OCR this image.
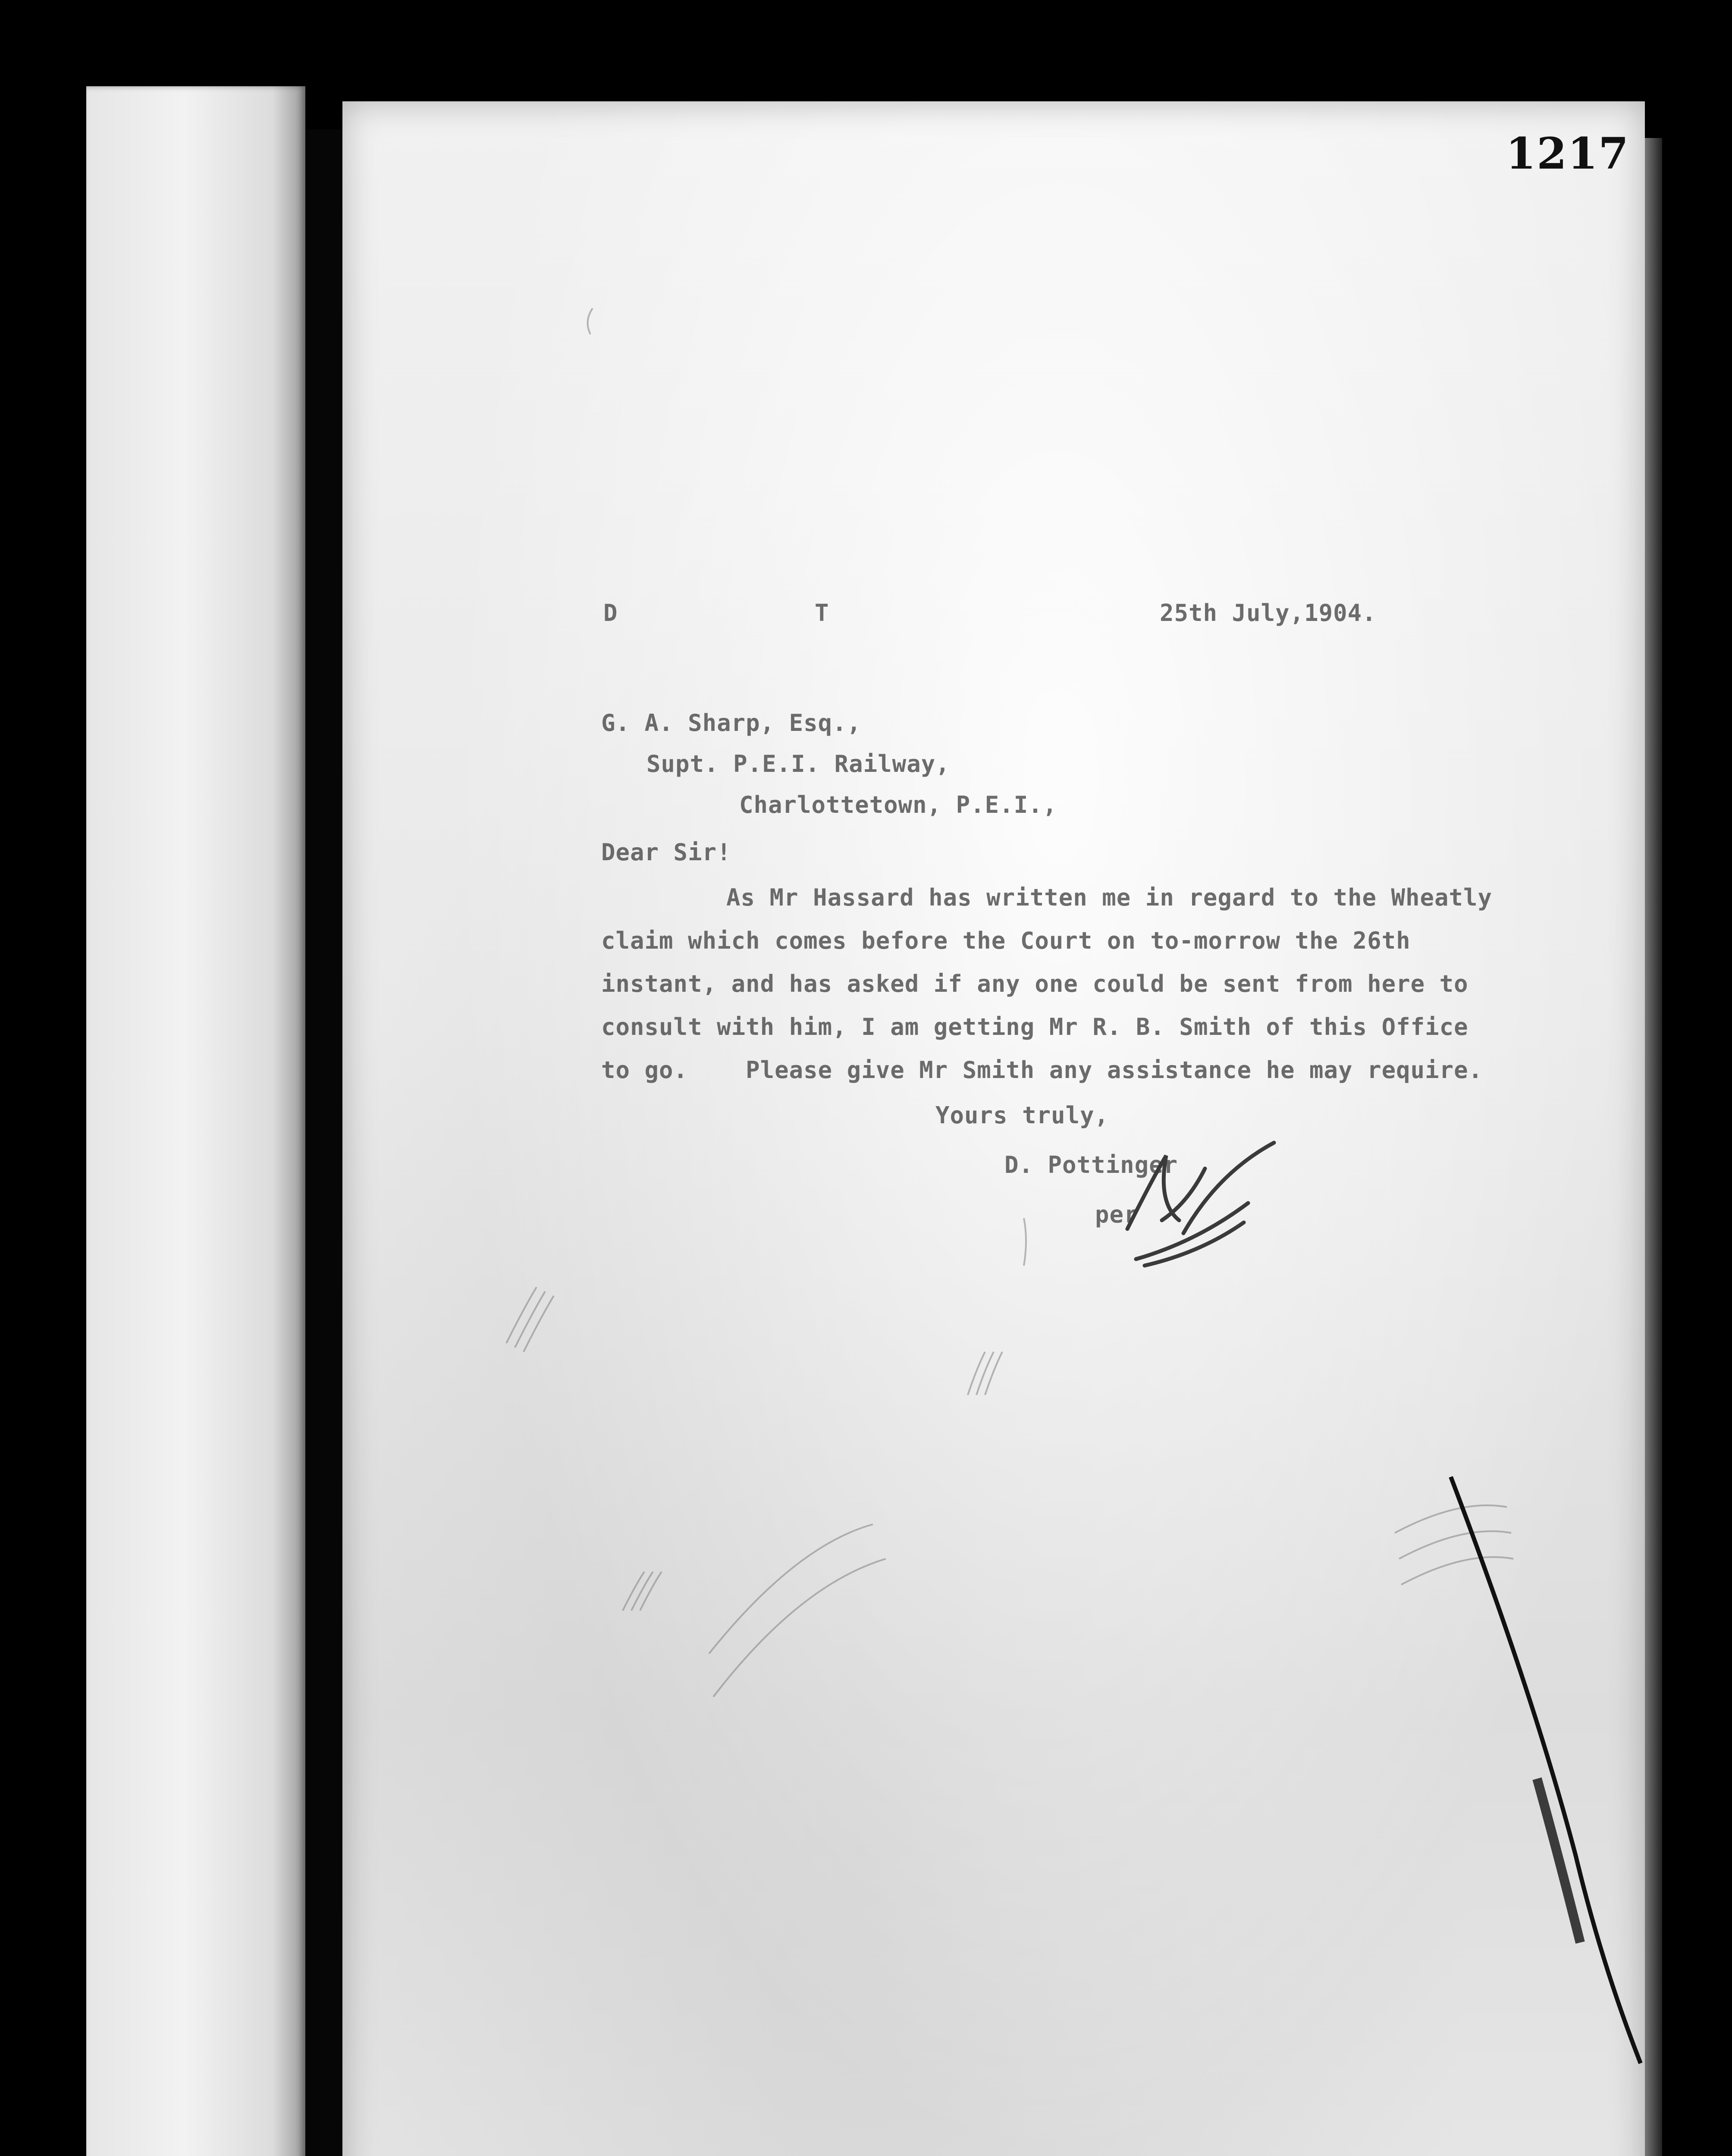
1217
D	T	25th July,1904.
G. A. Sharp, Esq.,
Supt. P.E.I. Railway,
Charlottetown, P.E.I.,
Dear Sir!
As Mr Hassard has written me in regard to the Wheatly
claim which comes before the Court on to-morrow the 26th
instant, and has asked if any one could be sent from here to
consult with him, I am getting Mr R. B. Smith of this Office
to go.    Please give Mr Smith any assistance he may require.
Yours truly,
D. Pottinger
per
